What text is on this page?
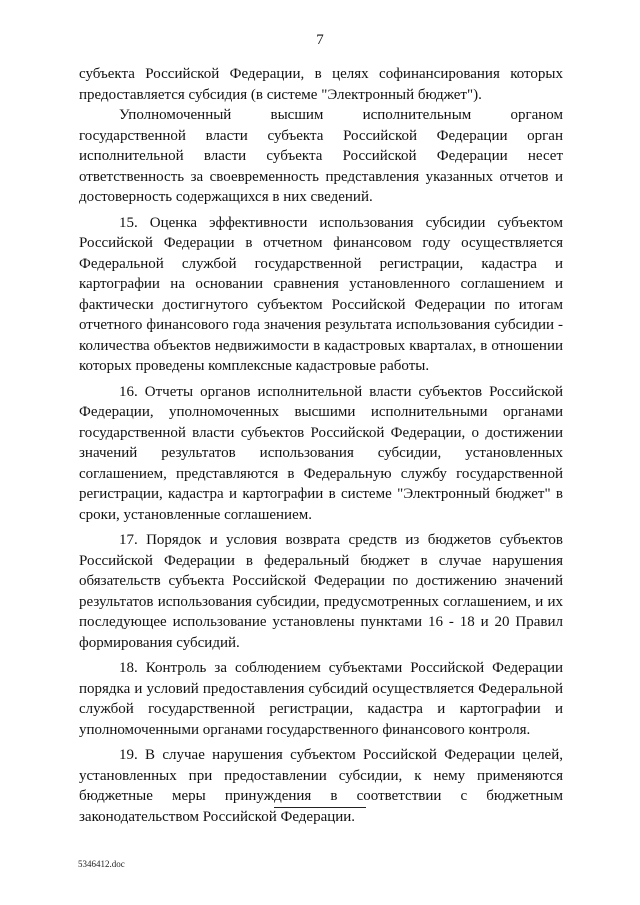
7

субъекта Российской Федерации, в целях софинансирования которых предоставляется субсидия (в системе "Электронный бюджет").

Уполномоченный высшим исполнительным органом государственной власти субъекта Российской Федерации орган исполнительной власти субъекта Российской Федерации несет ответственность за своевременность представления указанных отчетов и достоверность содержащихся в них сведений.

15. Оценка эффективности использования субсидии субъектом Российской Федерации в отчетном финансовом году осуществляется Федеральной службой государственной регистрации, кадастра и картографии на основании сравнения установленного соглашением и фактически достигнутого субъектом Российской Федерации по итогам отчетного финансового года значения результата использования субсидии - количества объектов недвижимости в кадастровых кварталах, в отношении которых проведены комплексные кадастровые работы.

16. Отчеты органов исполнительной власти субъектов Российской Федерации, уполномоченных высшими исполнительными органами государственной власти субъектов Российской Федерации, о достижении значений результатов использования субсидии, установленных соглашением, представляются в Федеральную службу государственной регистрации, кадастра и картографии в системе "Электронный бюджет" в сроки, установленные соглашением.

17. Порядок и условия возврата средств из бюджетов субъектов Российской Федерации в федеральный бюджет в случае нарушения обязательств субъекта Российской Федерации по достижению значений результатов использования субсидии, предусмотренных соглашением, и их последующее использование установлены пунктами 16 - 18 и 20 Правил формирования субсидий.

18. Контроль за соблюдением субъектами Российской Федерации порядка и условий предоставления субсидий осуществляется Федеральной службой государственной регистрации, кадастра и картографии и уполномоченными органами государственного финансового контроля.

19. В случае нарушения субъектом Российской Федерации целей, установленных при предоставлении субсидии, к нему применяются бюджетные меры принуждения в соответствии с бюджетным законодательством Российской Федерации.

5346412.doc
